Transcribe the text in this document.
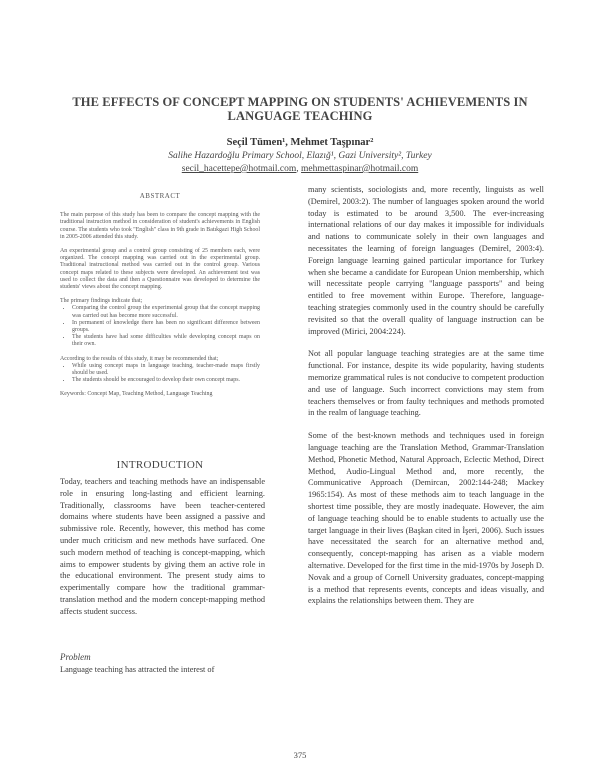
THE EFFECTS OF CONCEPT MAPPING ON STUDENTS' ACHIEVEMENTS IN
LANGUAGE TEACHING
Seçil Tümen¹, Mehmet Taşpınar²
Salihe Hazardoğlu Primary School, Elazığ¹, Gazi University², Turkey
secil_hacettepe@hotmail.com, mehmettaspinar@hotmail.com
ABSTRACT

The main purpose of this study has been to compare the concept mapping with the traditional instruction method in consideration of student's achievements in English course. The students who took "English" class in 9th grade in Batıkgazi High School in 2005-2006 attended this study.

An experimental group and a control group consisting of 25 members each, were organized. The concept mapping was carried out in the experimental group. Traditional instructional method was carried out in the control group. Various concept maps related to these subjects were developed. An achievement test was used to collect the data and then a Questionnaire was developed to determine the students' views about the concept mapping.

The primary findings indicate that;

• Comparing the control group the experimental group that the concept mapping was carried out has become more successful.
• In permanent of knowledge there has been no significant difference between groups.
• The students have had some difficulties while developing concept maps on their own.

According to the results of this study, it may be recommended that;

• While using concept maps in language teaching, teacher-made maps firstly should be used.
• The students should be encouraged to develop their own concept maps.

Keywords: Concept Map, Teaching Method, Language Teaching

INTRODUCTION

Today, teachers and teaching methods have an indispensable role in ensuring long-lasting and efficient learning. Traditionally, classrooms have been teacher-centered domains where students have been assigned a passive and submissive role. Recently, however, this method has come under much criticism and new methods have surfaced. One such modern method of teaching is concept-mapping, which aims to empower students by giving them an active role in the educational environment. The present study aims to experimentally compare how the traditional grammar-translation method and the modern concept-mapping method affects student success.

Problem

Language teaching has attracted the interest of

many scientists, sociologists and, more recently, linguists as well (Demirel, 2003:2). The number of languages spoken around the world today is estimated to be around 3,500. The ever-increasing international relations of our day makes it impossible for individuals and nations to communicate solely in their own languages and necessitates the learning of foreign languages (Demirel, 2003:4). Foreign language learning gained particular importance for Turkey when she became a candidate for European Union membership, which will necessitate people carrying "language passports" and being entitled to free movement within Europe. Therefore, language-teaching strategies commonly used in the country should be carefully revisited so that the overall quality of language instruction can be improved (Mirici, 2004:224).

Not all popular language teaching strategies are at the same time functional. For instance, despite its wide popularity, having students memorize grammatical rules is not conducive to competent production and use of language. Such incorrect convictions may stem from teachers themselves or from faulty techniques and methods promoted in the realm of language teaching.

Some of the best-known methods and techniques used in foreign language teaching are the Translation Method, Grammar-Translation Method, Phonetic Method, Natural Approach, Eclectic Method, Direct Method, Audio-Lingual Method and, more recently, the Communicative Approach (Demircan, 2002:144-248; Mackey 1965:154). As most of these methods aim to teach language in the shortest time possible, they are mostly inadequate. However, the aim of language teaching should be to enable students to actually use the target language in their lives (Başkan cited in İşeri, 2006). Such issues have necessitated the search for an alternative method and, consequently, concept-mapping has arisen as a viable modern alternative. Developed for the first time in the mid-1970s by Joseph D. Novak and a group of Cornell University graduates, concept-mapping is a method that represents events, concepts and ideas visually, and explains the relationships between them. They are

375
